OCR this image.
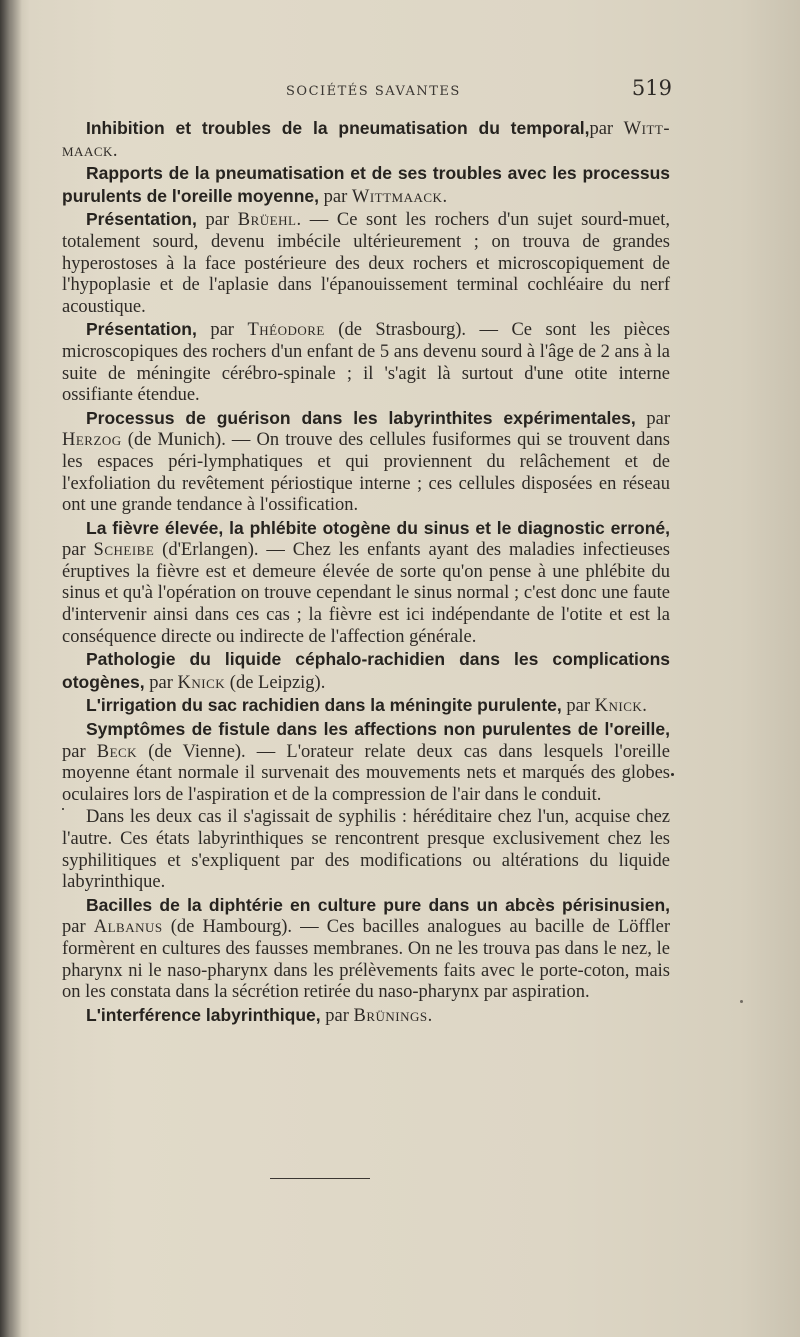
SOCIÉTÉS SAVANTES	519

Inhibition et troubles de la pneumatisation du temporal,par Witt-maack.

Rapports de la pneumatisation et de ses troubles avec les processus purulents de l'oreille moyenne, par Wittmaack.

Présentation, par Brüehl. — Ce sont les rochers d'un sujet sourd-muet, totalement sourd, devenu imbécile ultérieurement ; on trouva de grandes hyperostoses à la face postérieure des deux rochers et microscopiquement de l'hypoplasie et de l'aplasie dans l'épanouissement terminal cochléaire du nerf acoustique.

Présentation, par Théodore (de Strasbourg). — Ce sont les pièces microscopiques des rochers d'un enfant de 5 ans devenu sourd à l'âge de 2 ans à la suite de méningite cérébro-spinale ; il 's'agit là surtout d'une otite interne ossifiante étendue.

Processus de guérison dans les labyrinthites expérimentales, par Herzog (de Munich). — On trouve des cellules fusiformes qui se trouvent dans les espaces péri-lymphatiques et qui proviennent du relâchement et de l'exfoliation du revêtement périostique interne ; ces cellules disposées en réseau ont une grande tendance à l'ossification.

La fièvre élevée, la phlébite otogène du sinus et le diagnostic erroné, par Scheibe (d'Erlangen). — Chez les enfants ayant des maladies infectieuses éruptives la fièvre est et demeure élevée de sorte qu'on pense à une phlébite du sinus et qu'à l'opération on trouve cependant le sinus normal ; c'est donc une faute d'intervenir ainsi dans ces cas ; la fièvre est ici indépendante de l'otite et est la conséquence directe ou indirecte de l'affection générale.

Pathologie du liquide céphalo-rachidien dans les complications otogènes, par Knick (de Leipzig).

L'irrigation du sac rachidien dans la méningite purulente, par Knick.

Symptômes de fistule dans les affections non purulentes de l'oreille, par Beck (de Vienne). — L'orateur relate deux cas dans lesquels l'oreille moyenne étant normale il survenait des mouvements nets et marqués des globes oculaires lors de l'aspiration et de la compression de l'air dans le conduit.

Dans les deux cas il s'agissait de syphilis : héréditaire chez l'un, acquise chez l'autre. Ces états labyrinthiques se rencontrent presque exclusivement chez les syphilitiques et s'expliquent par des modifications ou altérations du liquide labyrinthique.

Bacilles de la diphtérie en culture pure dans un abcès périsinusien, par Albanus (de Hambourg). — Ces bacilles analogues au bacille de Löffler formèrent en cultures des fausses membranes. On ne les trouva pas dans le nez, le pharynx ni le naso-pharynx dans les prélèvements faits avec le porte-coton, mais on les constata dans la sécrétion retirée du naso-pharynx par aspiration.

L'interférence labyrinthique, par Brünings.
